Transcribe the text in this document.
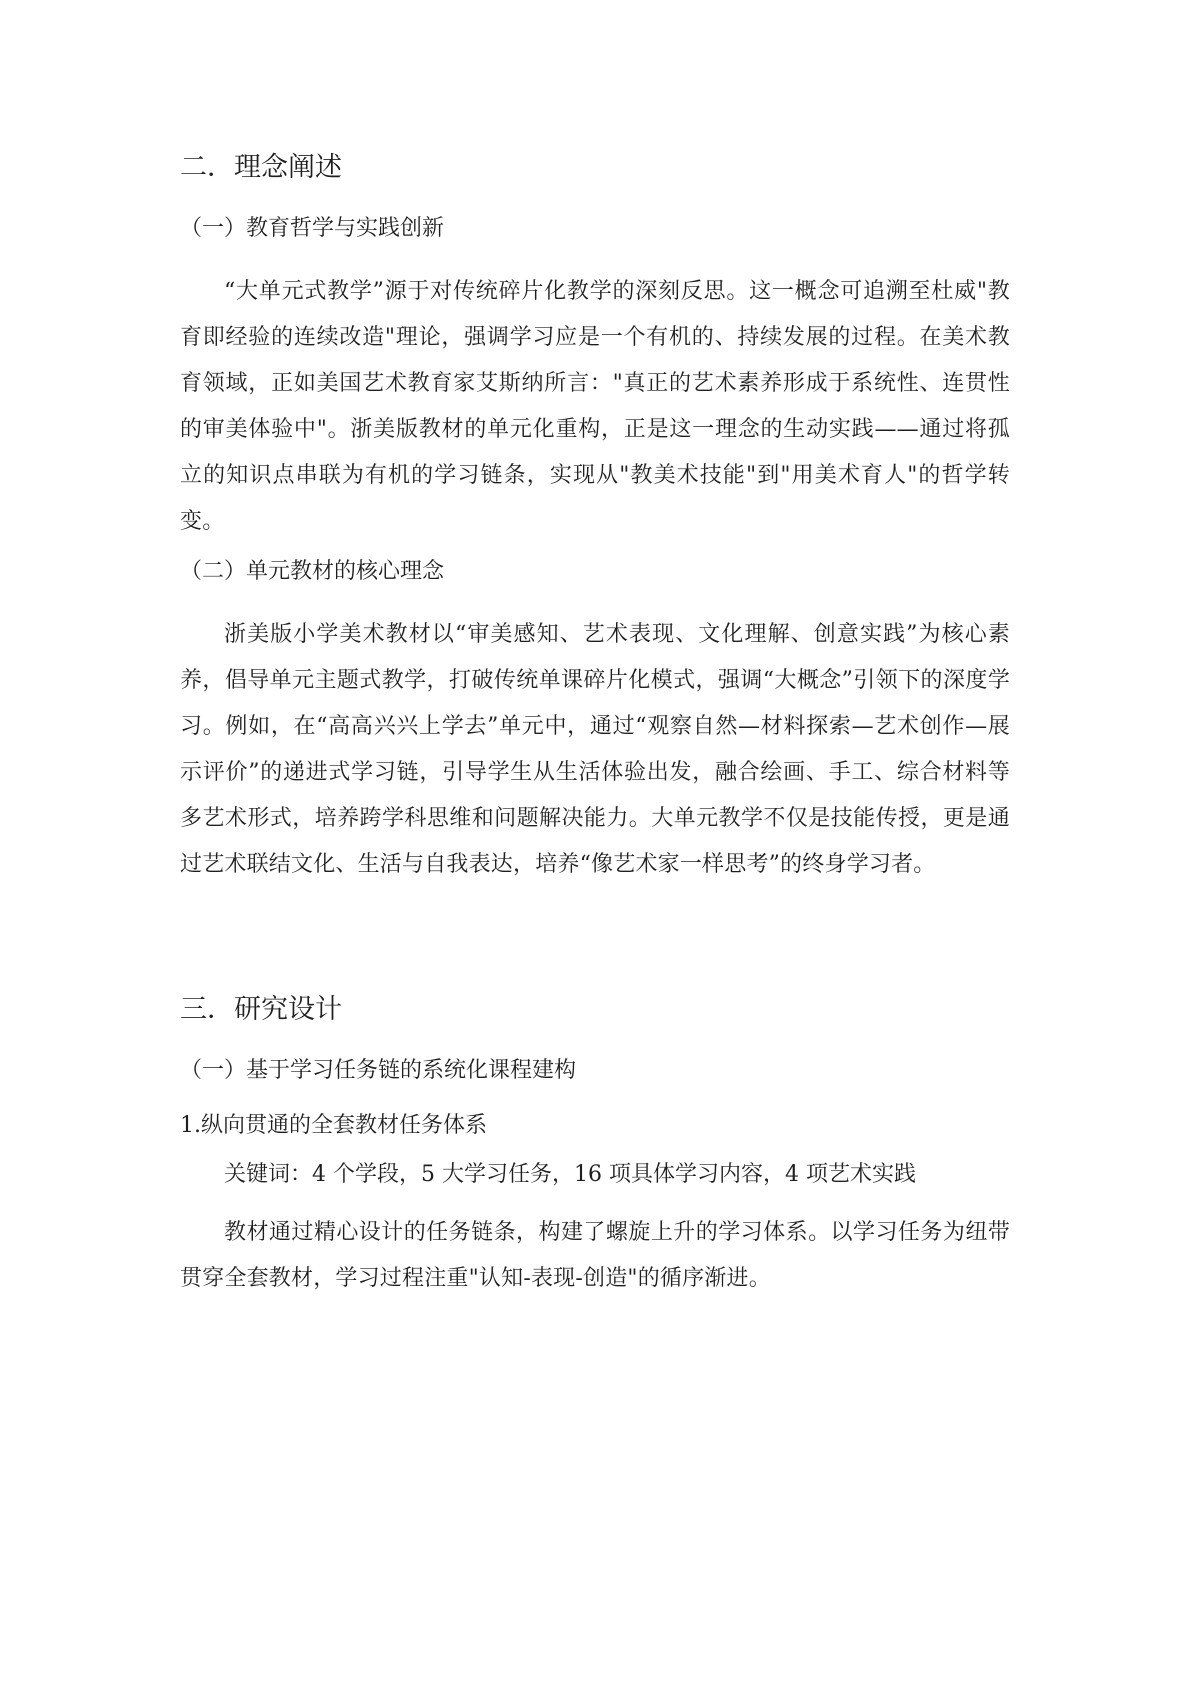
二．理念阐述
（一）教育哲学与实践创新

“大单元式教学”源于对传统碎片化教学的深刻反思。这一概念可追溯至杜威"教育即经验的连续改造"理论，强调学习应是一个有机的、持续发展的过程。在美术教育领域，正如美国艺术教育家艾斯纳所言："真正的艺术素养形成于系统性、连贯性的审美体验中"。浙美版教材的单元化重构，正是这一理念的生动实践——通过将孤立的知识点串联为有机的学习链条，实现从"教美术技能"到"用美术育人"的哲学转变。

（二）单元教材的核心理念

浙美版小学美术教材以“审美感知、艺术表现、文化理解、创意实践”为核心素养，倡导单元主题式教学，打破传统单课碎片化模式，强调“大概念”引领下的深度学习。例如，在“高高兴兴上学去”单元中，通过“观察自然—材料探索—艺术创作—展示评价”的递进式学习链，引导学生从生活体验出发，融合绘画、手工、综合材料等多艺术形式，培养跨学科思维和问题解决能力。大单元教学不仅是技能传授，更是通过艺术联结文化、生活与自我表达，培养“像艺术家一样思考”的终身学习者。

三．研究设计
（一）基于学习任务链的系统化课程建构
1.纵向贯通的全套教材任务体系

关键词：4 个学段，5 大学习任务，16 项具体学习内容，4 项艺术实践

教材通过精心设计的任务链条，构建了螺旋上升的学习体系。以学习任务为纽带贯穿全套教材，学习过程注重"认知-表现-创造"的循序渐进。
